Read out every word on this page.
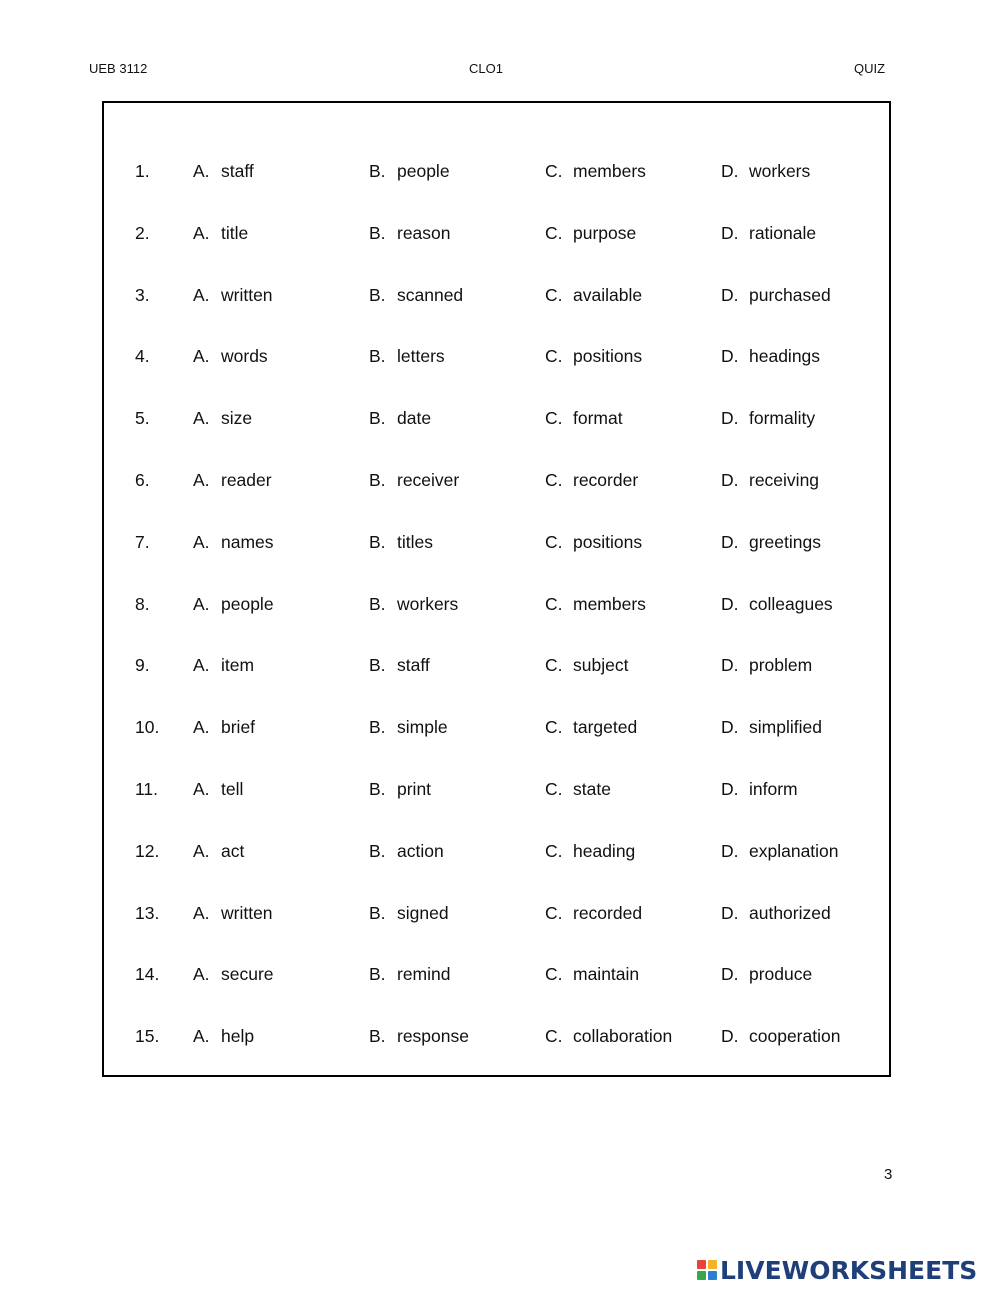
UEB 3112	CLO1	QUIZ
1. A. staff	B. people	C. members	D. workers
2. A. title	B. reason	C. purpose	D. rationale
3. A. written	B. scanned	C. available	D. purchased
4. A. words	B. letters	C. positions	D. headings
5. A. size	B. date	C. format	D. formality
6. A. reader	B. receiver	C. recorder	D. receiving
7. A. names	B. titles	C. positions	D. greetings
8. A. people	B. workers	C. members	D. colleagues
9. A. item	B. staff	C. subject	D. problem
10. A. brief	B. simple	C. targeted	D. simplified
11. A. tell	B. print	C. state	D. inform
12. A. act	B. action	C. heading	D. explanation
13. A. written	B. signed	C. recorded	D. authorized
14. A. secure	B. remind	C. maintain	D. produce
15. A. help	B. response	C. collaboration	D. cooperation
3
LIVEWORKSHEETS
